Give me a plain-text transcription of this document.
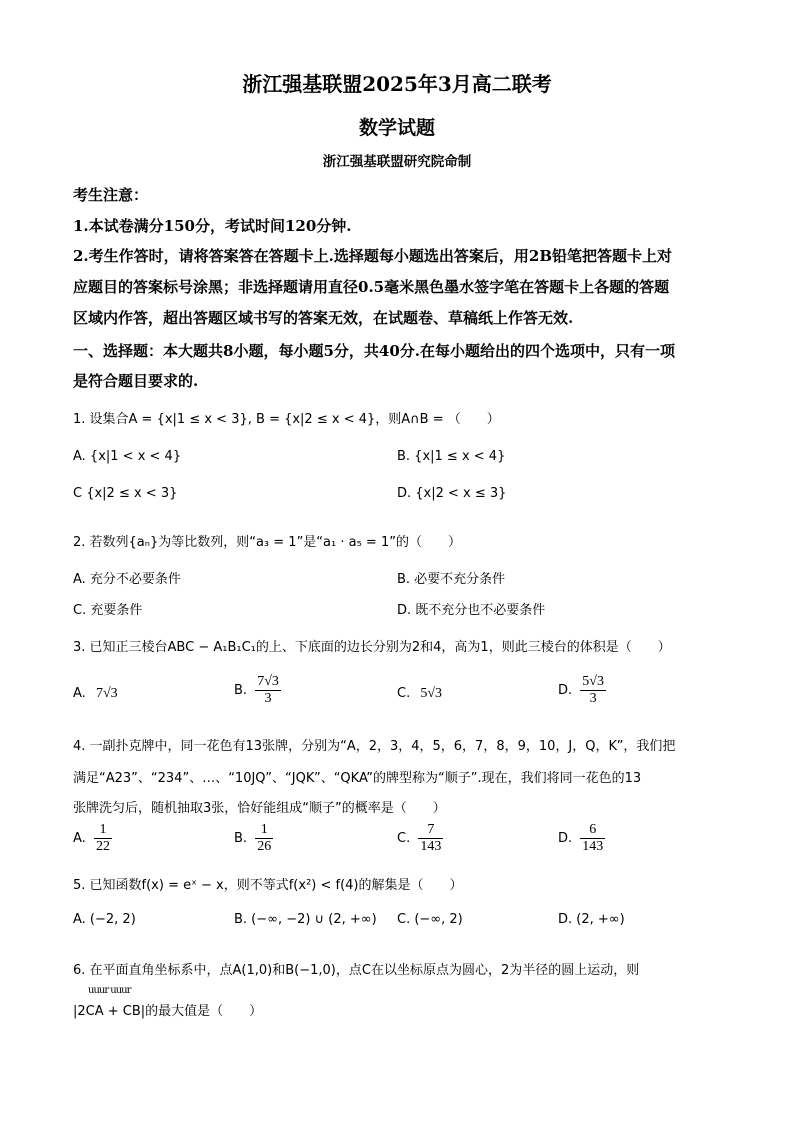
浙江强基联盟2025年3月高二联考
数学试题
浙江强基联盟研究院命制
考生注意：
1.本试卷满分150分，考试时间120分钟.
2.考生作答时，请将答案答在答题卡上.选择题每小题选出答案后，用2B铅笔把答题卡上对
应题目的答案标号涂黑；非选择题请用直径0.5毫米黑色墨水签字笔在答题卡上各题的答题
区域内作答，超出答题区域书写的答案无效，在试题卷、草稿纸上作答无效.
一、选择题：本大题共8小题，每小题5分，共40分.在每小题给出的四个选项中，只有一项
是符合题目要求的.
1. 设集合A = {x|1 ≤ x < 3}, B = {x|2 ≤ x < 4}，则A∩B = （　　）
A. {x|1 < x < 4}	B. {x|1 ≤ x < 4}
C {x|2 ≤ x < 3}	D. {x|2 < x ≤ 3}
2. 若数列{aₙ}为等比数列，则“a₃ = 1”是“a₁ · a₅ = 1”的（　　）
A. 充分不必要条件	B. 必要不充分条件
C. 充要条件	D. 既不充分也不必要条件
3. 已知正三棱台ABC − A₁B₁C₁的上、下底面的边长分别为2和4，高为1，则此三棱台的体积是（　　）
A. 7√3	B. $\frac{7√3}{3}$	C. 5√3	D. $\frac{5√3}{3}$
4. 一副扑克牌中，同一花色有13张牌，分别为“A，2，3，4，5，6，7，8，9，10，J，Q，K”，我们把
满足“A23”、“234”、…、“10JQ”、“JQK”、“QKA”的牌型称为“顺子”.现在，我们将同一花色的13
张牌洗匀后，随机抽取3张，恰好能组成“顺子”的概率是（　　）
A. $\frac{1}{22}$	B. $\frac{1}{26}$	C. $\frac{7}{143}$	D. $\frac{6}{143}$
5. 已知函数f(x) = eˣ − x，则不等式f(x²) < f(4)的解集是（　　）
A. (−2, 2)	B. (−∞, −2) ∪ (2, +∞) C. (−∞, 2)	D. (2, +∞)
6. 在平面直角坐标系中，点A(1,0)和B(−1,0)，点C在以坐标原点为圆心，2为半径的圆上运动，则
uuur uuur
|2CA + CB|的最大值是（　　）
